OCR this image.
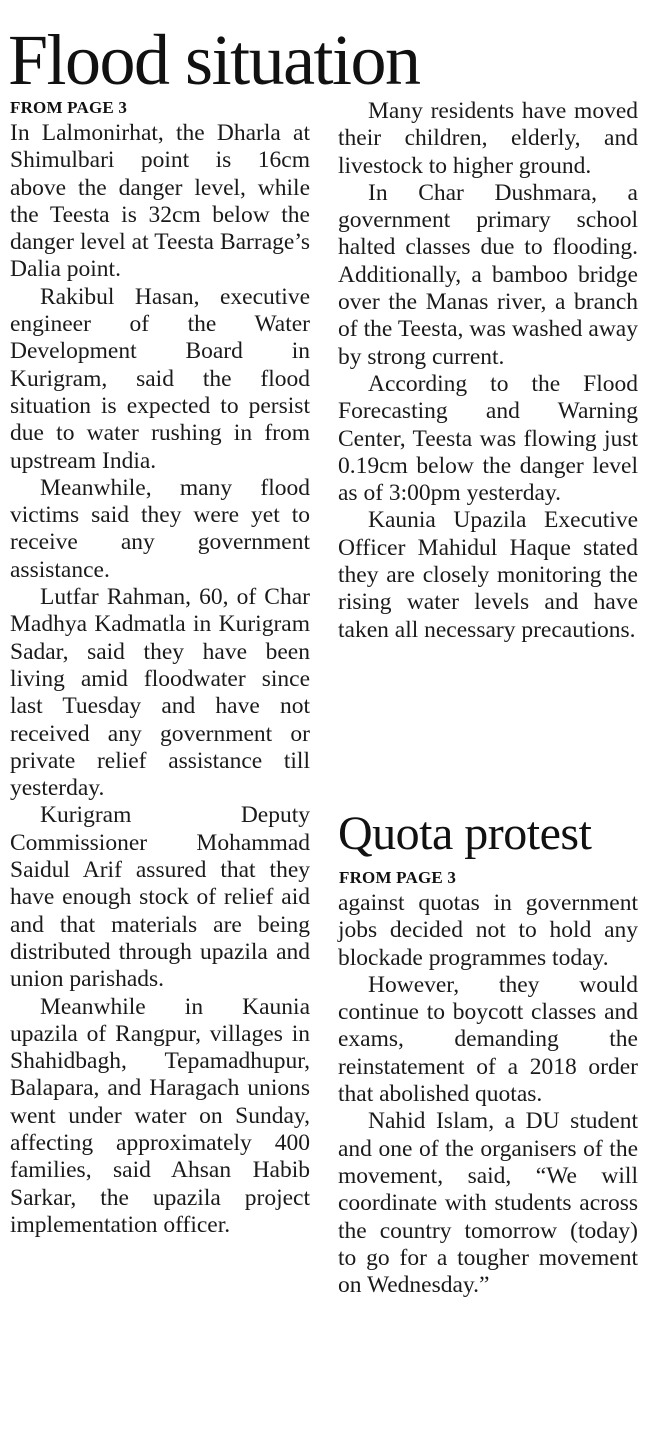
Flood situation
FROM PAGE 3

In Lalmonirhat, the Dharla at Shimulbari point is 16cm above the danger level, while the Teesta is 32cm below the danger level at Teesta Barrage’s Dalia point.

Rakibul Hasan, executive engineer of the Water Development Board in Kurigram, said the flood situation is expected to persist due to water rushing in from upstream India.

Meanwhile, many flood victims said they were yet to receive any government assistance.

Lutfar Rahman, 60, of Char Madhya Kadmatla in Kurigram Sadar, said they have been living amid floodwater since last Tuesday and have not received any government or private relief assistance till yesterday.

Kurigram Deputy Commissioner Mohammad Saidul Arif assured that they have enough stock of relief aid and that materials are being distributed through upazila and union parishads.

Meanwhile in Kaunia upazila of Rangpur, villages in Shahidbagh, Tepamadhupur, Balapara, and Haragach unions went under water on Sunday, affecting approximately 400 families, said Ahsan Habib Sarkar, the upazila project implementation officer.

Many residents have moved their children, elderly, and livestock to higher ground.

In Char Dushmara, a government primary school halted classes due to flooding. Additionally, a bamboo bridge over the Manas river, a branch of the Teesta, was washed away by strong current.

According to the Flood Forecasting and Warning Center, Teesta was flowing just 0.19cm below the danger level as of 3:00pm yesterday.

Kaunia Upazila Executive Officer Mahidul Haque stated they are closely monitoring the rising water levels and have taken all necessary precautions.

Quota protest
FROM PAGE 3

against quotas in government jobs decided not to hold any blockade programmes today.

However, they would continue to boycott classes and exams, demanding the reinstatement of a 2018 order that abolished quotas.

Nahid Islam, a DU student and one of the organisers of the movement, said, “We will coordinate with students across the country tomorrow (today) to go for a tougher movement on Wednesday.”
